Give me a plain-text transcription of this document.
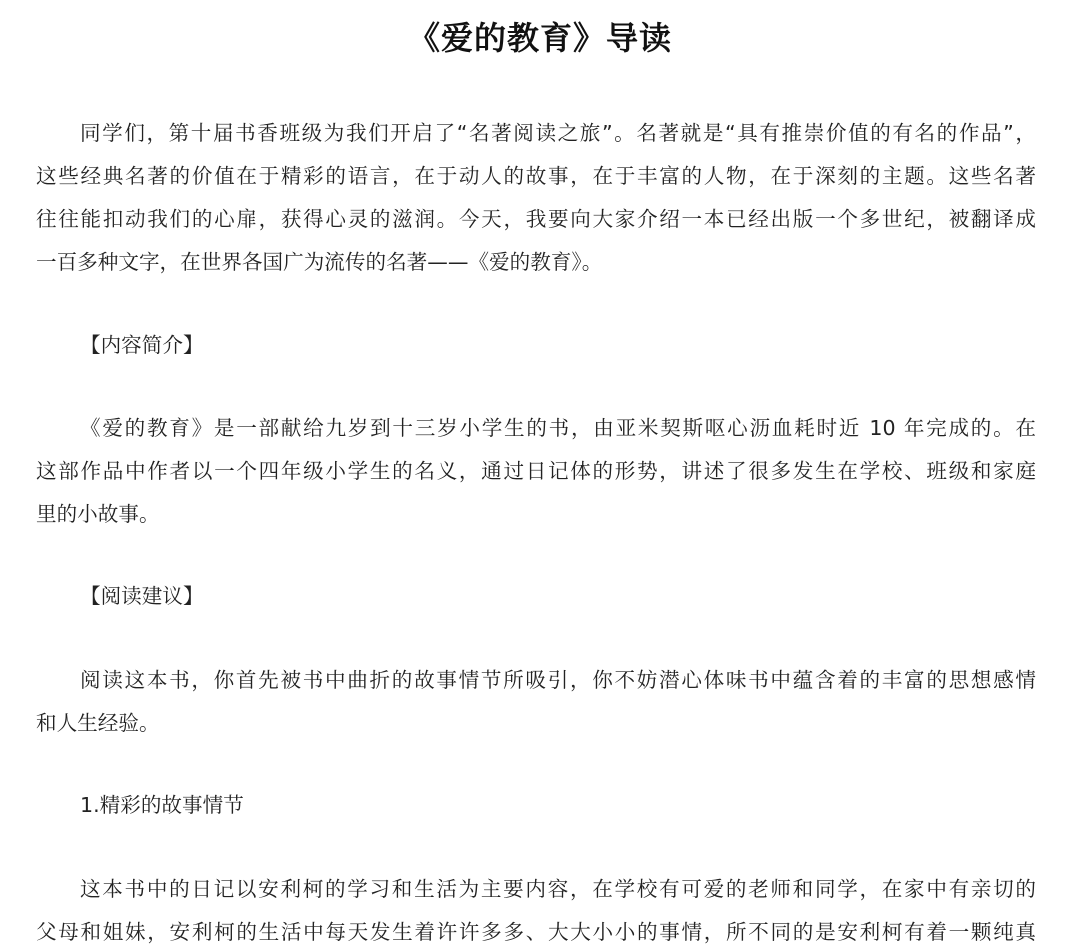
《爱的教育》导读
同学们，第十届书香班级为我们开启了“名著阅读之旅”。名著就是“具有推崇价值的有名的作品”，
这些经典名著的价值在于精彩的语言，在于动人的故事，在于丰富的人物，在于深刻的主题。这些名著
往往能扣动我们的心扉，获得心灵的滋润。今天，我要向大家介绍一本已经出版一个多世纪，被翻译成
一百多种文字，在世界各国广为流传的名著——《爱的教育》。
【内容简介】
《爱的教育》是一部献给九岁到十三岁小学生的书，由亚米契斯呕心沥血耗时近 10 年完成的。在
这部作品中作者以一个四年级小学生的名义，通过日记体的形势，讲述了很多发生在学校、班级和家庭
里的小故事。
【阅读建议】
阅读这本书，你首先被书中曲折的故事情节所吸引，你不妨潜心体味书中蕴含着的丰富的思想感情
和人生经验。
1.精彩的故事情节
这本书中的日记以安利柯的学习和生活为主要内容，在学校有可爱的老师和同学，在家中有亲切的
父母和姐妹，安利柯的生活中每天发生着许许多多、大大小小的事情，所不同的是安利柯有着一颗纯真
